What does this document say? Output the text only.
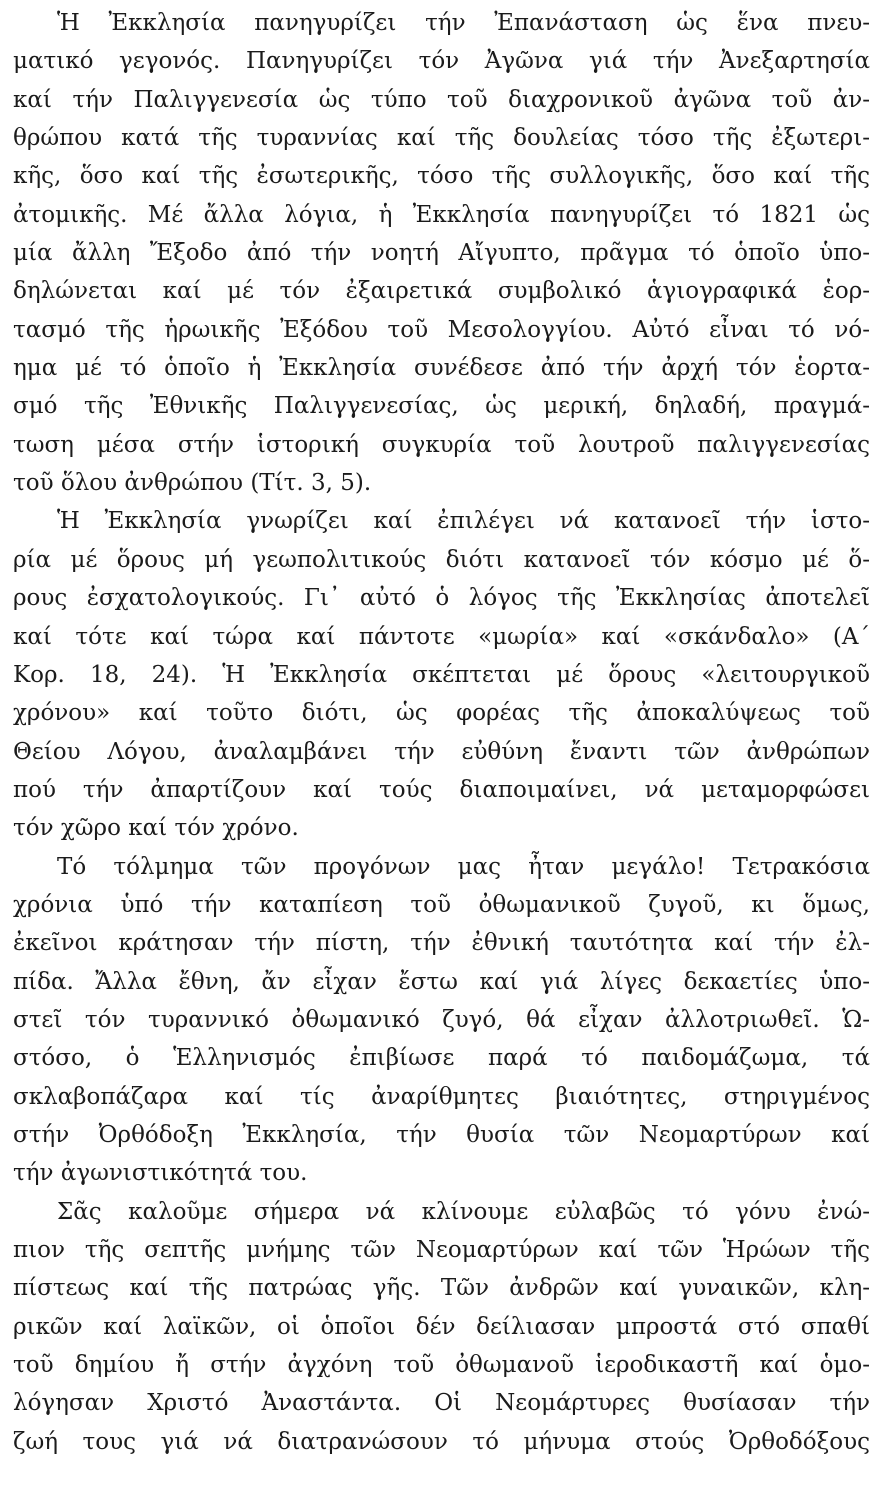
Ἡ Ἐκκλησία πανηγυρίζει τήν Ἐπανάσταση ὡς ἕνα πνευ-
ματικό γεγονός. Πανηγυρίζει τόν Ἀγῶνα γιά τήν Ἀνεξαρτησία
καί τήν Παλιγγενεσία ὡς τύπο τοῦ διαχρονικοῦ ἀγῶνα τοῦ ἀν-
θρώπου κατά τῆς τυραννίας καί τῆς δουλείας τόσο τῆς ἐξωτερι-
κῆς, ὅσο καί τῆς ἐσωτερικῆς, τόσο τῆς συλλογικῆς, ὅσο καί τῆς
ἀτομικῆς. Μέ ἄλλα λόγια, ἡ Ἐκκλησία πανηγυρίζει τό 1821 ὡς
μία ἄλλη Ἔξοδο ἀπό τήν νοητή Αἴγυπτο, πρᾶγμα τό ὁποῖο ὑπο-
δηλώνεται καί μέ τόν ἐξαιρετικά συμβολικό ἁγιογραφικά ἑορ-
τασμό τῆς ἡρωικῆς Ἐξόδου τοῦ Μεσολογγίου. Αὐτό εἶναι τό νό-
ημα μέ τό ὁποῖο ἡ Ἐκκλησία συνέδεσε ἀπό τήν ἀρχή τόν ἑορτα-
σμό τῆς Ἐθνικῆς Παλιγγενεσίας, ὡς μερική, δηλαδή, πραγμά-
τωση μέσα στήν ἱστορική συγκυρία τοῦ λουτροῦ παλιγγενεσίας
τοῦ ὅλου ἀνθρώπου (Τίτ. 3, 5).
Ἡ Ἐκκλησία γνωρίζει καί ἐπιλέγει νά κατανοεῖ τήν ἱστο-
ρία μέ ὅρους μή γεωπολιτικούς διότι κατανοεῖ τόν κόσμο μέ ὅ-
ρους ἐσχατολογικούς. Γι᾿ αὐτό ὁ λόγος τῆς Ἐκκλησίας ἀποτελεῖ
καί τότε καί τώρα καί πάντοτε «μωρία» καί «σκάνδαλο» (Α΄
Κορ. 18, 24). Ἡ Ἐκκλησία σκέπτεται μέ ὅρους «λειτουργικοῦ
χρόνου» καί τοῦτο διότι, ὡς φορέας τῆς ἀποκαλύψεως τοῦ
Θείου Λόγου, ἀναλαμβάνει τήν εὐθύνη ἔναντι τῶν ἀνθρώπων
πού τήν ἀπαρτίζουν καί τούς διαποιμαίνει, νά μεταμορφώσει
τόν χῶρο καί τόν χρόνο.
Τό τόλμημα τῶν προγόνων μας ἦταν μεγάλο! Τετρακόσια
χρόνια ὑπό τήν καταπίεση τοῦ ὀθωμανικοῦ ζυγοῦ, κι ὅμως,
ἐκεῖνοι κράτησαν τήν πίστη, τήν ἐθνική ταυτότητα καί τήν ἐλ-
πίδα. Ἄλλα ἔθνη, ἄν εἶχαν ἔστω καί γιά λίγες δεκαετίες ὑπο-
στεῖ τόν τυραννικό ὀθωμανικό ζυγό, θά εἶχαν ἀλλοτριωθεῖ. Ὡ-
στόσο, ὁ Ἑλληνισμός ἐπιβίωσε παρά τό παιδομάζωμα, τά
σκλαβοπάζαρα καί τίς ἀναρίθμητες βιαιότητες, στηριγμένος
στήν Ὀρθόδοξη Ἐκκλησία, τήν θυσία τῶν Νεομαρτύρων καί
τήν ἀγωνιστικότητά του.
Σᾶς καλοῦμε σήμερα νά κλίνουμε εὐλαβῶς τό γόνυ ἐνώ-
πιον τῆς σεπτῆς μνήμης τῶν Νεομαρτύρων καί τῶν Ἡρώων τῆς
πίστεως καί τῆς πατρώας γῆς. Τῶν ἀνδρῶν καί γυναικῶν, κλη-
ρικῶν καί λαϊκῶν, οἱ ὁποῖοι δέν δείλιασαν μπροστά στό σπαθί
τοῦ δημίου ἤ στήν ἀγχόνη τοῦ ὀθωμανοῦ ἱεροδικαστῆ καί ὁμο-
λόγησαν Χριστό Ἀναστάντα. Οἱ Νεομάρτυρες θυσίασαν τήν
ζωή τους γιά νά διατρανώσουν τό μήνυμα στούς Ὀρθοδόξους
